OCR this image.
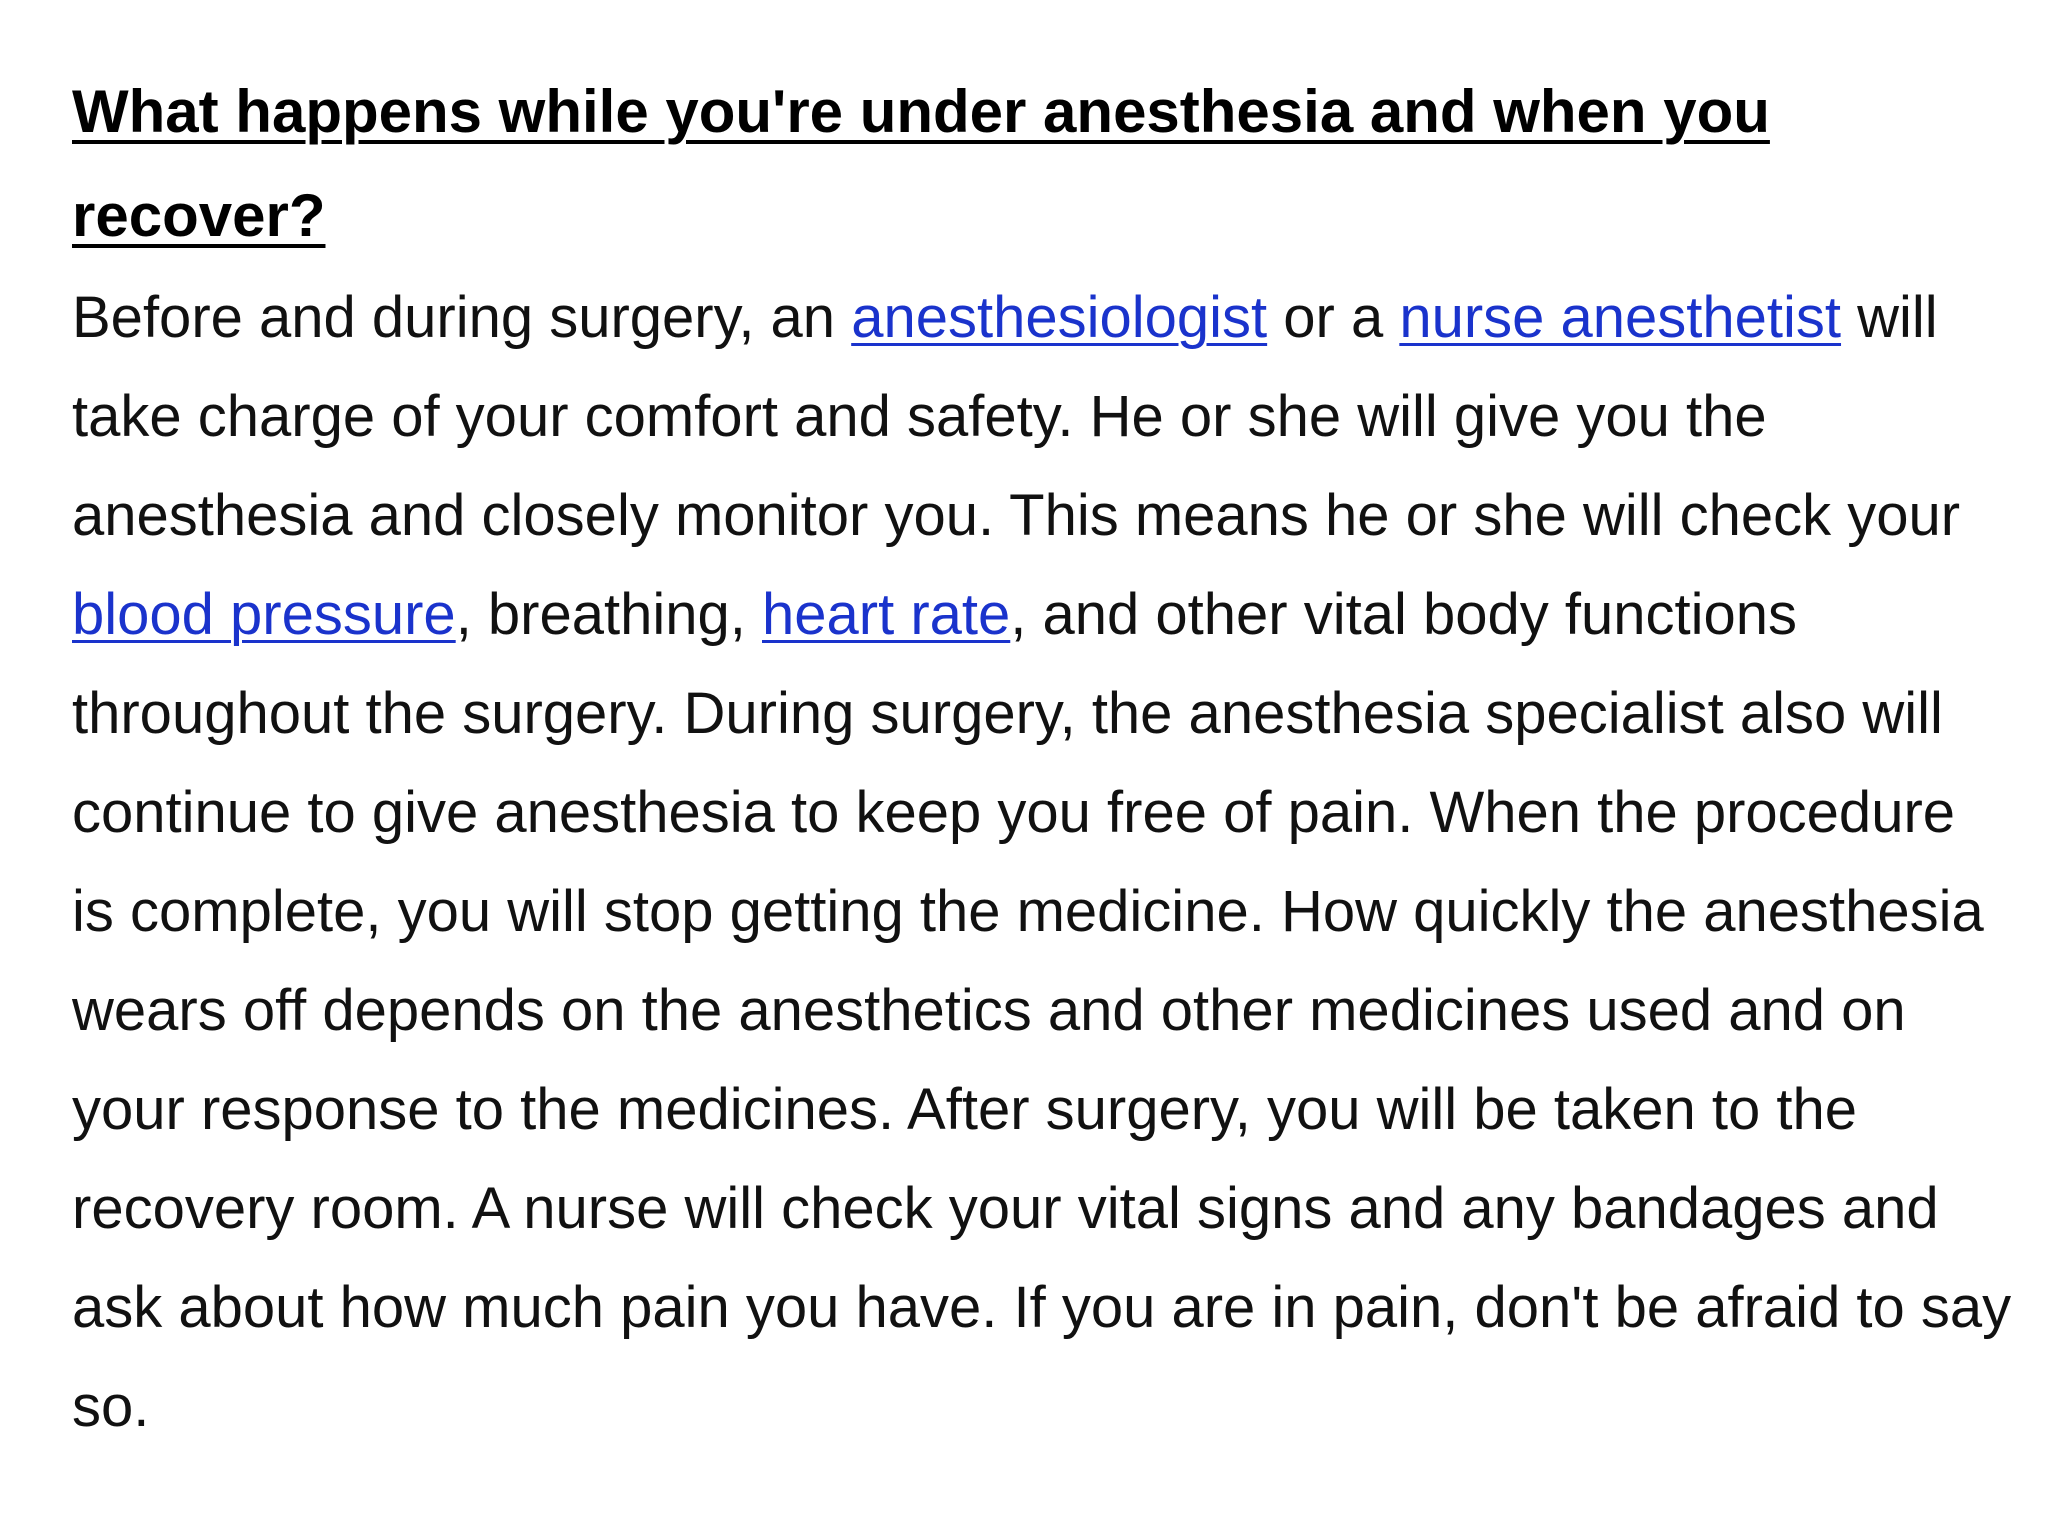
What happens while you're under anesthesia and when you recover?

Before and during surgery, an anesthesiologist or a nurse anesthetist will take charge of your comfort and safety. He or she will give you the anesthesia and closely monitor you. This means he or she will check your blood pressure, breathing, heart rate, and other vital body functions throughout the surgery. During surgery, the anesthesia specialist also will continue to give anesthesia to keep you free of pain. When the procedure is complete, you will stop getting the medicine. How quickly the anesthesia wears off depends on the anesthetics and other medicines used and on your response to the medicines. After surgery, you will be taken to the recovery room. A nurse will check your vital signs and any bandages and ask about how much pain you have. If you are in pain, don't be afraid to say so.
